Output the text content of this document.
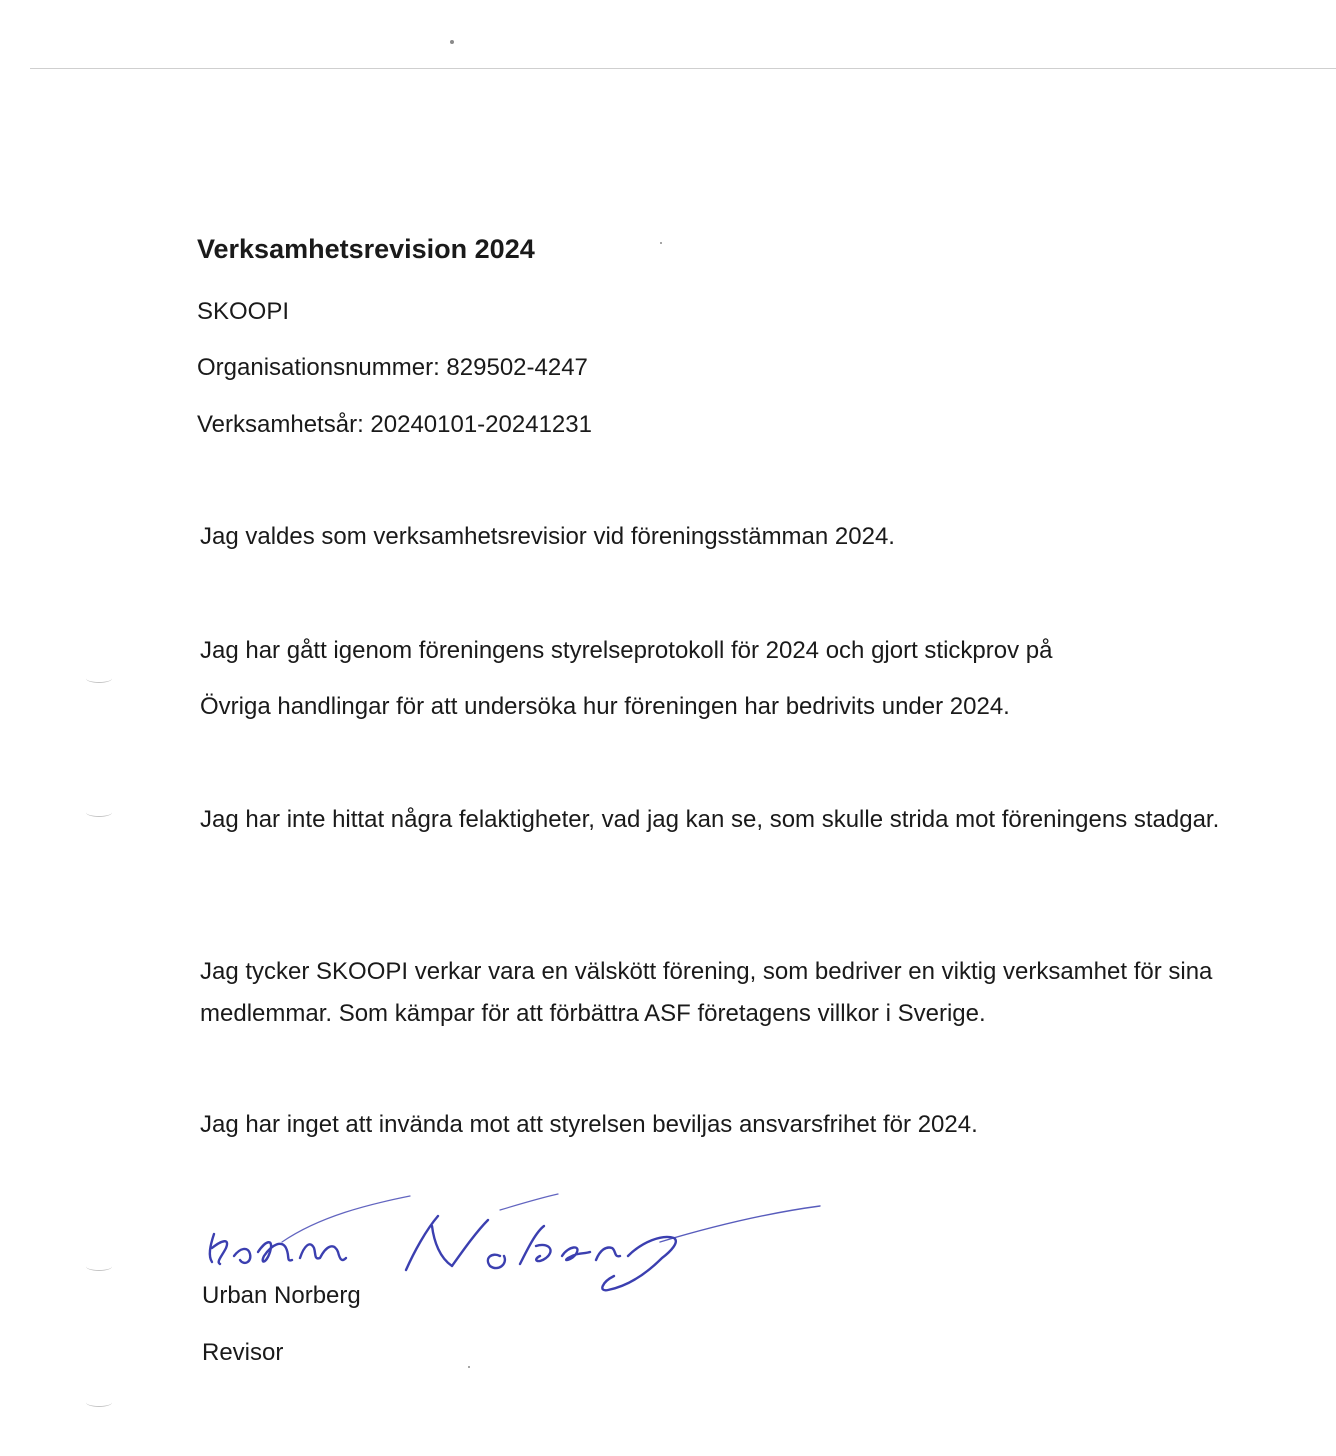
Verksamhetsrevision 2024
SKOOPI
Organisationsnummer: 829502-4247
Verksamhetsår: 20240101-20241231
Jag valdes som verksamhetsrevisior vid föreningsstämman 2024.
Jag har gått igenom föreningens styrelseprotokoll för 2024 och gjort stickprov på
Övriga handlingar för att undersöka hur föreningen har bedrivits under 2024.
Jag har inte hittat några felaktigheter, vad jag kan se, som skulle strida mot föreningens stadgar.
Jag tycker SKOOPI verkar vara en välskött förening, som bedriver en viktig verksamhet för sina medlemmar. Som kämpar för att förbättra ASF företagens villkor i Sverige.
Jag har inget att invända mot att styrelsen beviljas ansvarsfrihet för 2024.
Urban Norberg
Revisor
